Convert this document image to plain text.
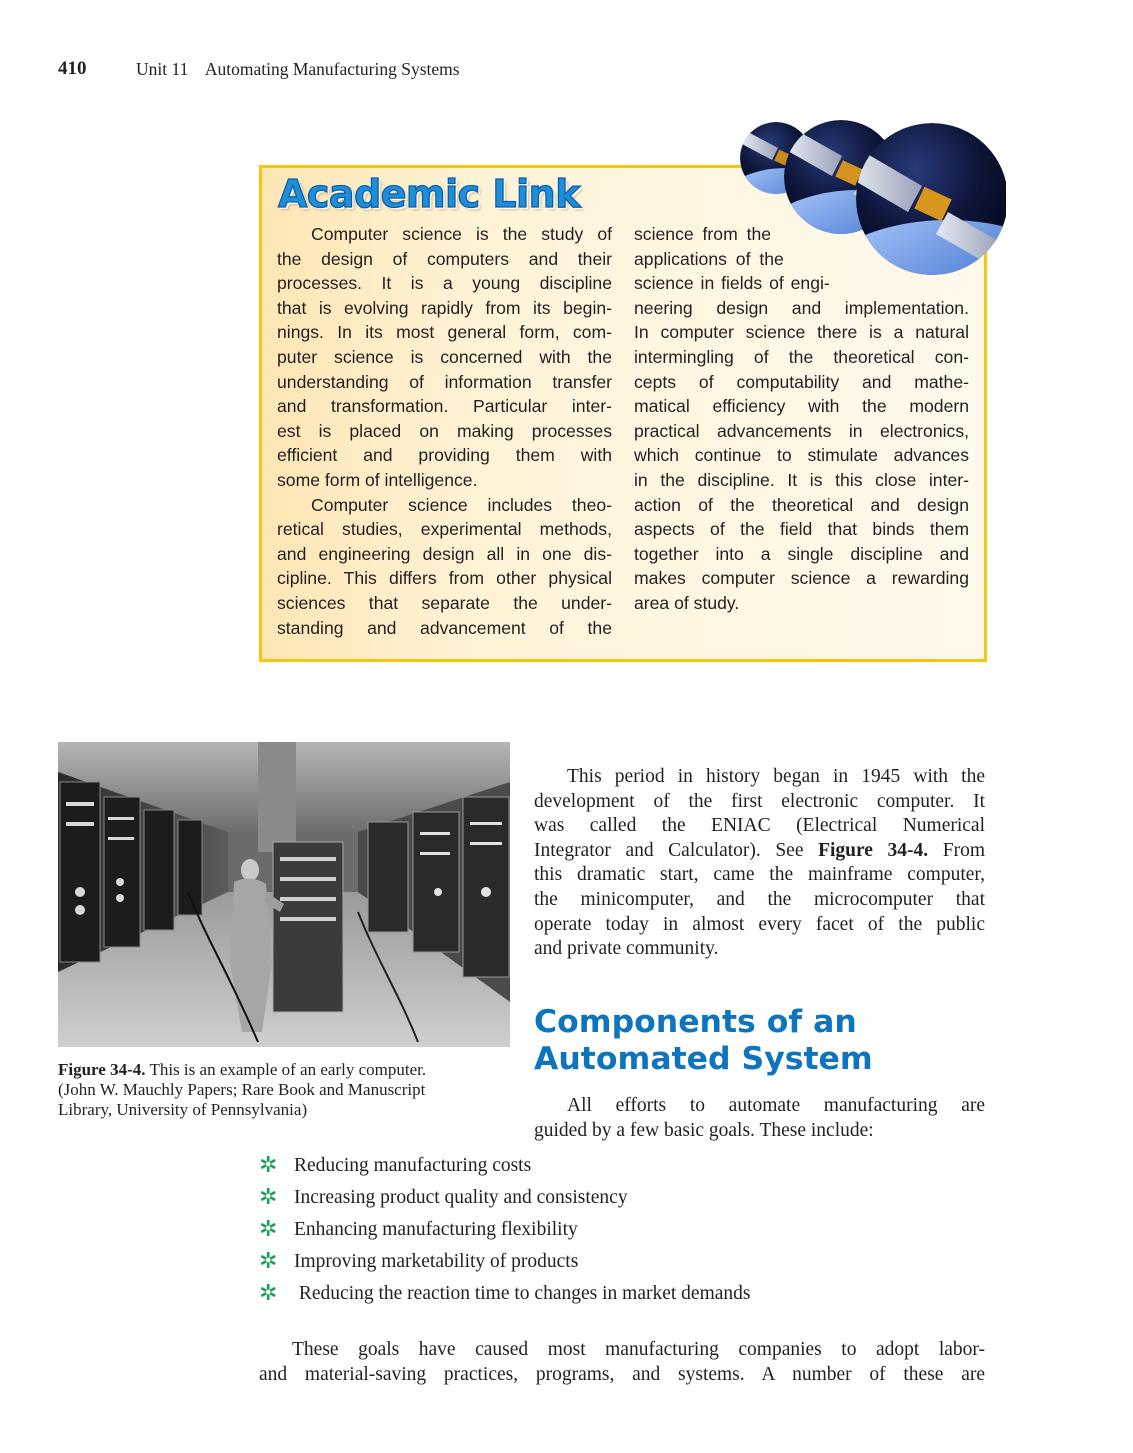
410	Unit 11    Automating Manufacturing Systems
Academic Link
Computer science is the study of
the design of computers and their
processes. It is a young discipline
that is evolving rapidly from its begin-
nings. In its most general form, com-
puter science is concerned with the
understanding of information transfer
and transformation. Particular inter-
est is placed on making processes
efficient and providing them with
some form of intelligence.
Computer science includes theo-
retical studies, experimental methods,
and engineering design all in one dis-
cipline. This differs from other physical
sciences that separate the under-
standing and advancement of the
science from the
applications of the
science in fields of engi-
neering design and implementation.
In computer science there is a natural
intermingling of the theoretical con-
cepts of computability and mathe-
matical efficiency with the modern
practical advancements in electronics,
which continue to stimulate advances
in the discipline. It is this close inter-
action of the theoretical and design
aspects of the field that binds them
together into a single discipline and
makes computer science a rewarding
area of study.
Figure 34-4. This is an example of an early computer.
(John W. Mauchly Papers; Rare Book and Manuscript
Library, University of Pennsylvania)
This period in history began in 1945 with the
development of the first electronic computer. It
was called the ENIAC (Electrical Numerical
Integrator and Calculator). See Figure 34-4. From
this dramatic start, came the mainframe computer,
the minicomputer, and the microcomputer that
operate today in almost every facet of the public
and private community.
Components of an
Automated System
All efforts to automate manufacturing are
guided by a few basic goals. These include:
✲ Reducing manufacturing costs
✲ Increasing product quality and consistency
✲ Enhancing manufacturing flexibility
✲ Improving marketability of products
✲ Reducing the reaction time to changes in market demands
These goals have caused most manufacturing companies to adopt labor-
and material-saving practices, programs, and systems. A number of these are
